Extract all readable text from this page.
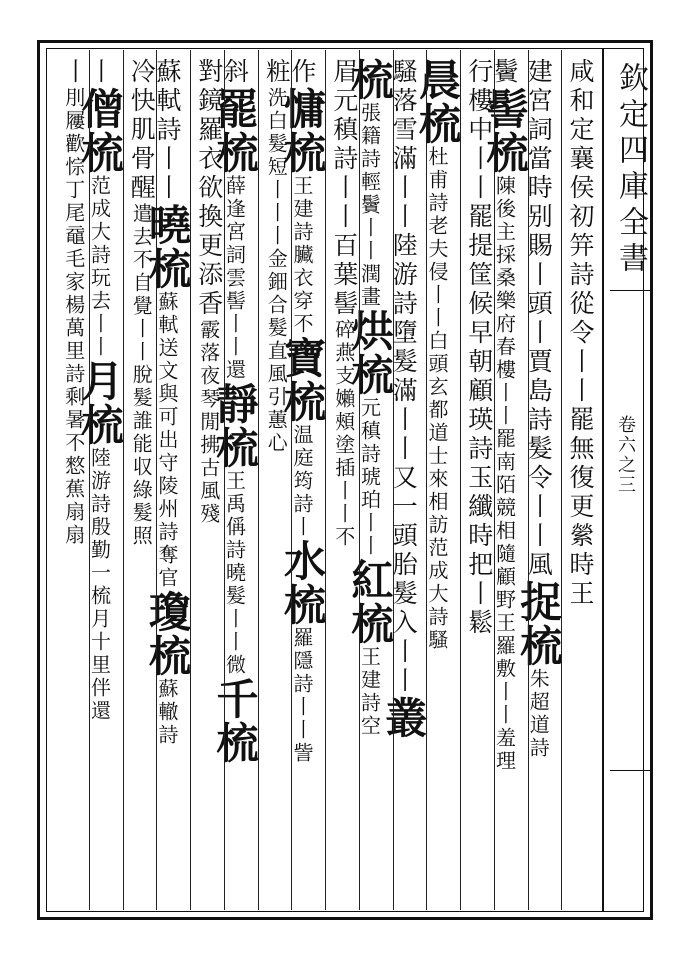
欽定四庫全書
卷六之三
咸和定襄侯初笄詩從令丨丨罷無復更縈時王
建宮詞當時别賜丨頭丨賈島詩髮令丨丨風捉梳朱超道詩
鬢髻梳陳後主採桑樂府春樓丨丨罷南陌競相隨顧野王羅敷丨丨羞理
行樓中丨丨罷提筐候早朝顧瑛詩玉纖時把丨鬆
晨梳杜甫詩老夫侵丨丨白頭玄都道士來相訪范成大詩騷
騷落雪滿丨丨陸游詩墮髮滿丨丨又一頭胎髮入丨丨叢
梳張籍詩輕鬢丨丨潤畫烘梳元稹詩琥珀丨丨紅梳王建詩空
眉元稹詩丨丨百葉髻碎燕支嬾頰塗插丨丨不
作慵梳王建詩臟衣穿不寶梳温庭筠詩丨水梳羅隱詩丨丨訾
粧洗白髮短丨丨丨金鈿合髮直風引蕙心
斜罷梳薛逢宮詞雲髻丨丨還靜梳王禹偁詩曉髮丨丨微千梳
對鏡羅衣欲換更添香霰落夜琴閒拂古風殘
蘇軾詩丨丨曉梳蘇軾送文與可出守陵州詩奪官瓊梳蘇轍詩
冷快肌骨醒遣去不自覺丨丨脫髮誰能収綠髮照
丨僧梳范成大詩玩去丨丨月梳陸游詩殷勤一梳月十里伴還
丨刖屨歡悰丁尾黿毛家楊萬里詩剩暑不憗蕉扇扇
